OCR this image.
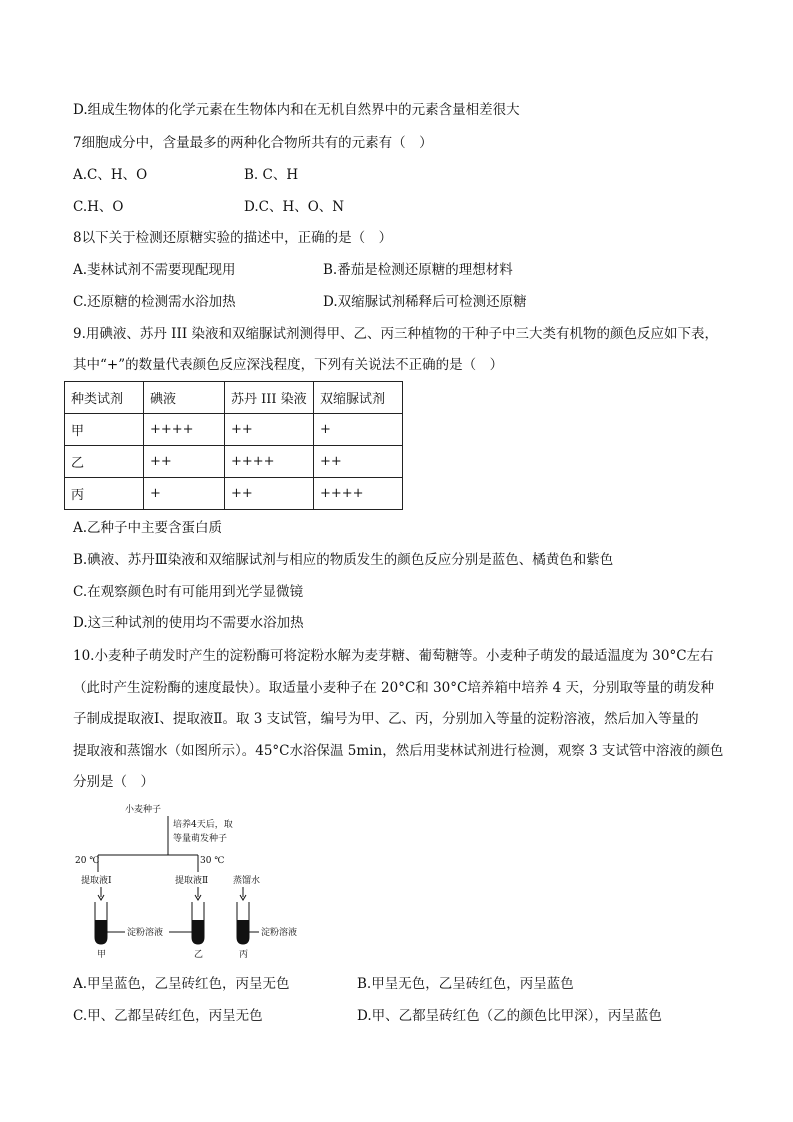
D.组成生物体的化学元素在生物体内和在无机自然界中的元素含量相差很大
7细胞成分中，含量最多的两种化合物所共有的元素有（　）
A.C、H、O	B. C、H
C.H、O	D.C、H、O、N
8以下关于检测还原糖实验的描述中，正确的是（　）
A.斐林试剂不需要现配现用	B.番茄是检测还原糖的理想材料
C.还原糖的检测需水浴加热	D.双缩脲试剂稀释后可检测还原糖
9.用碘液、苏丹 III 染液和双缩脲试剂测得甲、乙、丙三种植物的干种子中三大类有机物的颜色反应如下表，
其中“+”的数量代表颜色反应深浅程度，下列有关说法不正确的是（　）
种类试剂	碘液	苏丹 III 染液	双缩脲试剂
甲	++++	++	+
乙	++	++++	++
丙	+	++	++++
A.乙种子中主要含蛋白质
B.碘液、苏丹Ⅲ染液和双缩脲试剂与相应的物质发生的颜色反应分别是蓝色、橘黄色和紫色
C.在观察颜色时有可能用到光学显微镜
D.这三种试剂的使用均不需要水浴加热
10.小麦种子萌发时产生的淀粉酶可将淀粉水解为麦芽糖、葡萄糖等。小麦种子萌发的最适温度为 30°C左右
（此时产生淀粉酶的速度最快）。取适量小麦种子在 20°C和 30°C培养箱中培养 4 天，分别取等量的萌发种
子制成提取液Ⅰ、提取液Ⅱ。取 3 支试管，编号为甲、乙、丙，分别加入等量的淀粉溶液，然后加入等量的
提取液和蒸馏水（如图所示）。45°C水浴保温 5min，然后用斐林试剂进行检测，观察 3 支试管中溶液的颜色
分别是（　）
小麦种子
培养4天后，取
等量萌发种子
20 ℃	30 ℃
提取液Ⅰ	提取液Ⅱ	蒸馏水
淀粉溶液	淀粉溶液
甲	乙	丙
A.甲呈蓝色，乙呈砖红色，丙呈无色	B.甲呈无色，乙呈砖红色，丙呈蓝色
C.甲、乙都呈砖红色，丙呈无色	D.甲、乙都呈砖红色（乙的颜色比甲深），丙呈蓝色
